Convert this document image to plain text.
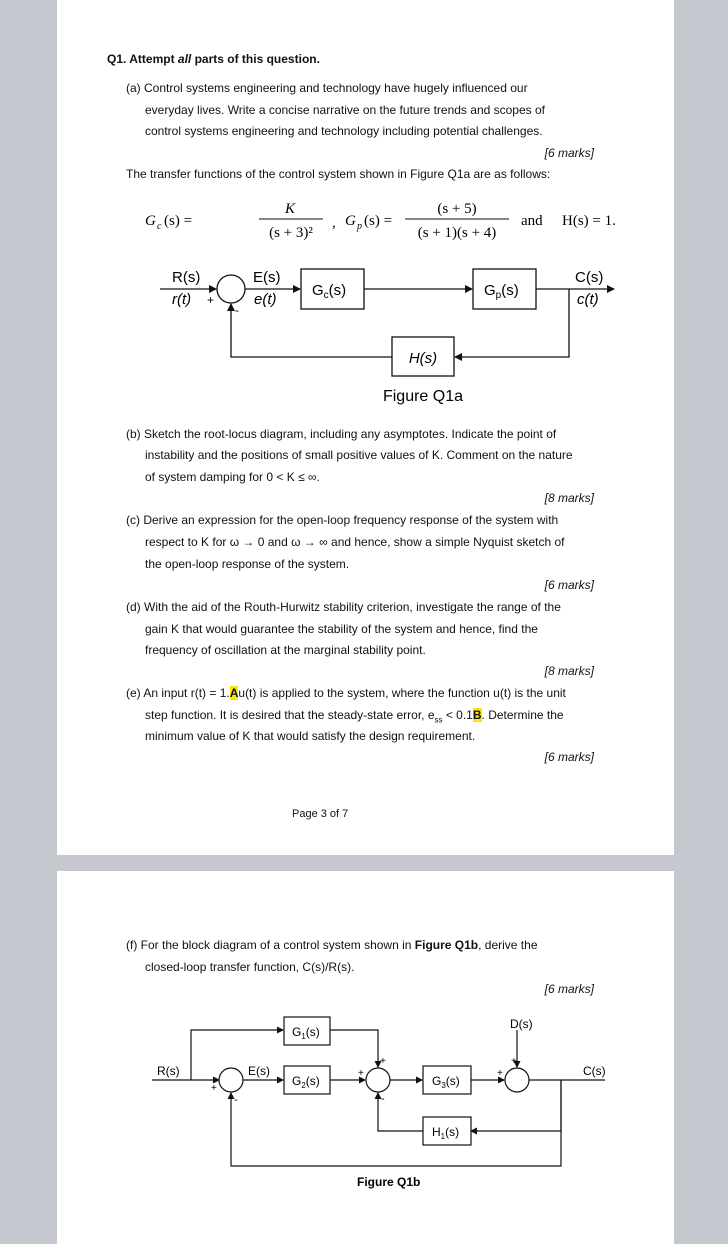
Q1. Attempt all parts of this question.
(a) Control systems engineering and technology have hugely influenced our
everyday lives. Write a concise narrative on the future trends and scopes of
control systems engineering and technology including potential challenges.
[6 marks]
The transfer functions of the control system shown in Figure Q1a are as follows:
G c (s) =
K
(s + 3)²
, G p (s) =
(s + 5)
(s + 1)(s + 4)
and H(s) = 1.
R(s)
r(t) +
-
E(s)
e(t)
$G_c(s)$	$G_p(s)$
C(s)
c(t)
H(s)
Figure Q1a
(b) Sketch the root-locus diagram, including any asymptotes. Indicate the point of
instability and the positions of small positive values of K. Comment on the nature
of system damping for 0 < K ≤ ∞.
[8 marks]
(c) Derive an expression for the open-loop frequency response of the system with
respect to K for ω → 0 and ω → ∞ and hence, show a simple Nyquist sketch of
the open-loop response of the system.
[6 marks]
(d) With the aid of the Routh-Hurwitz stability criterion, investigate the range of the
gain K that would guarantee the stability of the system and hence, find the
frequency of oscillation at the marginal stability point.
[8 marks]
(e) An input r(t) = 1.Au(t) is applied to the system, where the function u(t) is the unit
step function. It is desired that the steady-state error, $e_{ss} < 0.1B$. Determine the
minimum value of K that would satisfy the design requirement.
[6 marks]
Page 3 of 7
(f) For the block diagram of a control system shown in Figure Q1b, derive the
closed-loop transfer function, C(s)/R(s).
[6 marks]
R(s)
+
-
E(s)
$G_1(s)$
$G_2(s)$
+
+
-
$G_3(s)$
+
D(s)
+
C(s)
$H_1(s)$
Figure Q1b
